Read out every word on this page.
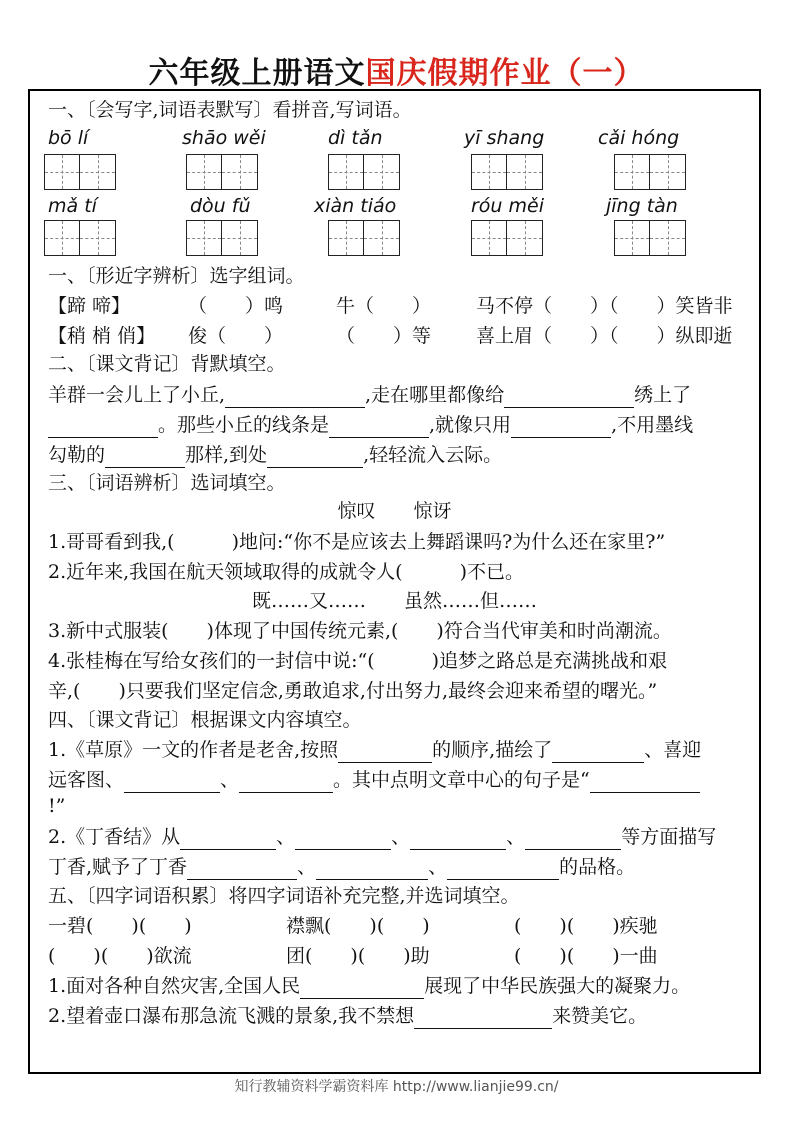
六年级上册语文国庆假期作业（一）
一、〔会写字,词语表默写〕看拼音,写词语。
bō lí	shāo wěi	dì tǎn	yī shang	cǎi hóng
mǎ tí	dòu fǔ	xiàn tiáo	róu měi	jīng tàn
一、〔形近字辨析〕选字组词。
【蹄 啼】	（　　）鸣	牛（　　） 马不停（　　）（　　）笑皆非
【稍 梢 俏】 俊（　　）	（　　）等 喜上眉（　　）（　　）纵即逝
二、〔课文背记〕背默填空。
羊群一会儿上了小丘,	,走在哪里都像给	绣上了
。那些小丘的线条是	,就像只用	,不用墨线
勾勒的	那样,到处	,轻轻流入云际。
三、〔词语辨析〕选词填空。
惊叹　　惊讶
1.哥哥看到我,(　　　)地问:“你不是应该去上舞蹈课吗?为什么还在家里?”
2.近年来,我国在航天领域取得的成就令人(　　　)不已。
既……又……　　虽然……但……
3.新中式服装(　　)体现了中国传统元素,(　　)符合当代审美和时尚潮流。
4.张桂梅在写给女孩们的一封信中说:“(　　　)追梦之路总是充满挑战和艰
辛,(　　)只要我们坚定信念,勇敢追求,付出努力,最终会迎来希望的曙光。”
四、〔课文背记〕根据课文内容填空。
1.《草原》一文的作者是老舍,按照	的顺序,描绘了	、喜迎
远客图、	、	。其中点明文章中心的句子是“
!”
2.《丁香结》从	、	、	、	等方面描写
丁香,赋予了丁香	、	、	的品格。
五、〔四字词语积累〕将四字词语补充完整,并选词填空。
一碧(　　)(　　)	襟飘(　　)(　　)	(　　)(　　)疾驰
(　　)(　　)欲流	团(　　)(　　)助	(　　)(　　)一曲
1.面对各种自然灾害,全国人民	展现了中华民族强大的凝聚力。
2.望着壶口瀑布那急流飞溅的景象,我不禁想	来赞美它。
知行教辅资料学霸资料库 http://www.lianjie99.cn/
